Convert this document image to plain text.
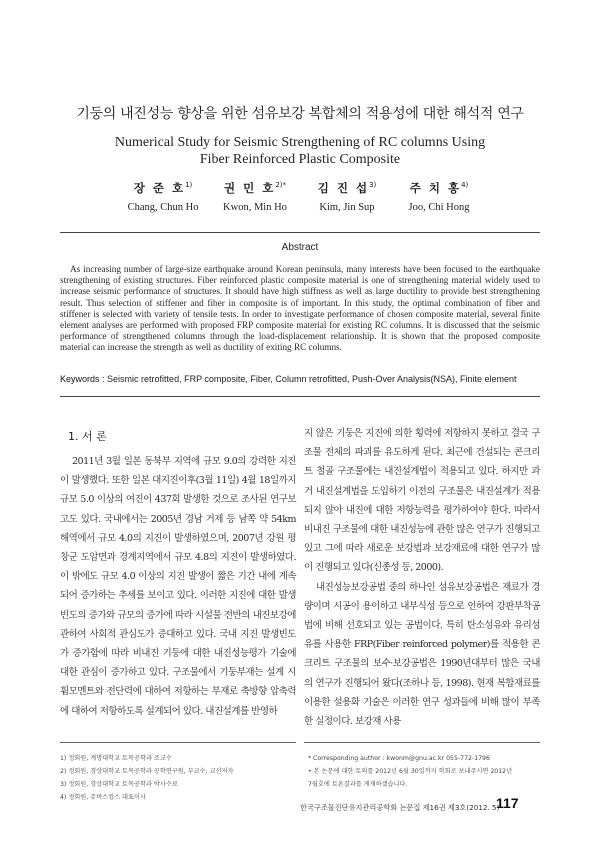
기둥의 내진성능 향상을 위한 섬유보강 복합체의 적용성에 대한 해석적 연구
Numerical Study for Seismic Strengthening of RC columns Using
Fiber Reinforced Plastic Composite
장 준 호$^{1)}$
Chang, Chun Ho
권 민 호$^{2)*}$
Kwon, Min Ho
김 진 섭$^{3)}$
Kim, Jin Sup
주 치 홍$^{4)}$
Joo, Chi Hong
Abstract

As increasing number of large-size earthquake around Korean peninsula, many interests have been focused to the earthquake strengthening of existing structures. Fiber reinforced plastic composite material is one of strengthening material widely used to increase seismic performance of structures. It should have high stiffness as well as large ductility to provide best strengthening result. Thus selection of stiffener and fiber in composite is of important. In this study, the optimal combination of fiber and stiffener is selected with variety of tensile tests. In order to investigate performance of chosen composite material, several finite element analyses are performed with proposed FRP composite material for existing RC columns. It is discussed that the seismic performance of strengthened columns through the load-displacement relationship. It is shown that the proposed composite material can increase the strength as well as ductility of exiting RC columns.

Keywords : Seismic retrofitted, FRP composite, Fiber, Column retrofitted, Push-Over Analysis(NSA), Finite element
1. 서 론

2011년 3월 일본 동북부 지역에 규모 9.0의 강력한 지진이 발생했다. 또한 일본 대지진이후(3월 11일) 4월 18일까지 규모 5.0 이상의 여진이 437회 발생한 것으로 조사된 연구보고도 있다. 국내에서는 2005년 경남 거제 등 남쪽 약 54km 해역에서 규모 4.0의 지진이 발생하였으며, 2007년 강원 평창군 도암면과 경계지역에서 규모 4.8의 지진이 발생하였다. 이 밖에도 규모 4.0 이상의 지진 발생이 짧은 기간 내에 계속되어 증가하는 추세를 보이고 있다. 이러한 지진에 대한 발생빈도의 증가와 규모의 증가에 따라 시설물 전반의 내진보강에 관하여 사회적 관심도가 증대하고 있다. 국내 지진 발생빈도가 증가함에 따라 비내진 기둥에 대한 내진성능평가 기술에 대한 관심이 증가하고 있다. 구조물에서 기둥부재는 설계 시 휨모멘트와 전단력에 대하여 저항하는 부재로 축방향 압축력에 대하여 저항하도록 설계되어 있다. 내진설계를 반영하

지 않은 기둥은 지진에 의한 횡력에 저항하지 못하고 결국 구조물 전체의 파괴를 유도하게 된다. 최근에 건설되는 콘크리트 철골 구조물에는 내진설계법이 적용되고 있다. 하지만 과거 내진설계법을 도입하기 이전의 구조물은 내진설계가 적용되지 않아 내진에 대한 저항능력을 평가하여야 한다. 따라서 비내진 구조물에 대한 내진성능에 관한 많은 연구가 진행되고 있고 그에 따라 새로운 보강법과 보강재료에 대한 연구가 많이 진행되고 있다(신종성 등, 2000).

내진성능보강공법 중의 하나인 섬유보강공법은 재료가 경량이며 시공이 용이하고 내부식성 등으로 인하여 강판부착공법에 비해 선호되고 있는 공법이다. 특히 탄소섬유와 유리섬유를 사용한 FRP(Fiber reinforced polymer)를 적용한 콘크리트 구조물의 보수·보강공법은 1990년대부터 많은 국내의 연구가 진행되어 왔다(조하나 등, 1998). 현재 복합재료를 이용한 설용화 기술은 이러한 연구 성과들에 비해 많이 부족한 실정이다. 보강재 사용

1) 정회원, 계명대학교 토목공학과 조교수

2) 정회원, 경상대학교 토목공학과 공학연구원, 부교수, 교신저자

3) 정회원, 경상대학교 토목공학과 박사수료

4) 정회원, 쥬버스컴스 대표이사

* Corresponding author : kwonm@gnu.ac.kr 055-772-1796

• 본 논문에 대한 토의를 2012년 6월 30일까지 학회로 보내주시면 2012년

7월호에 토론결과를 게재하겠습니다.

한국구조물진단유지관리공학회 논문집 제16권 제3호(2012. 5)
117
